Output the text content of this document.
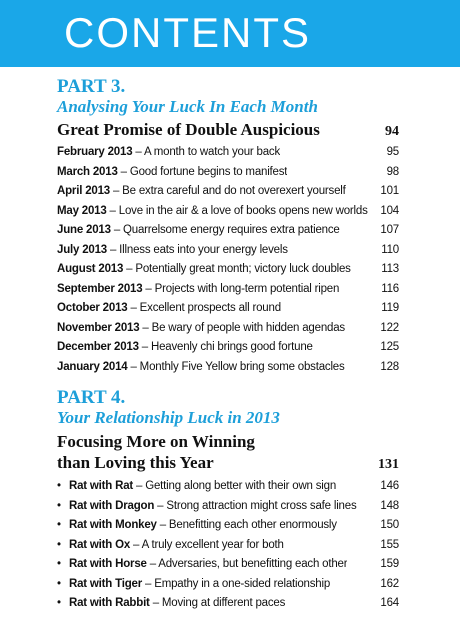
CONTENTS
PART 3.
Analysing Your Luck In Each Month
Great Promise of Double Auspicious	94
February 2013 – A month to watch your back	95
March 2013 – Good fortune begins to manifest	98
April 2013 – Be extra careful and do not overexert yourself	101
May 2013 – Love in the air & a love of books opens new worlds	104
June 2013 – Quarrelsome energy requires extra patience	107
July 2013 – Illness eats into your energy levels	110
August 2013 – Potentially great month; victory luck doubles	113
September 2013 – Projects with long-term potential ripen	116
October 2013 – Excellent prospects all round	119
November 2013 – Be wary of people with hidden agendas	122
December 2013 – Heavenly chi brings good fortune	125
January 2014 – Monthly Five Yellow bring some obstacles	128
PART 4.
Your Relationship Luck in 2013
Focusing More on Winning
than Loving this Year	131
• Rat with Rat – Getting along better with their own sign	146
• Rat with Dragon – Strong attraction might cross safe lines	148
• Rat with Monkey – Benefitting each other enormously	150
• Rat with Ox – A truly excellent year for both	155
• Rat with Horse – Adversaries, but benefitting each other	159
• Rat with Tiger – Empathy in a one-sided relationship	162
• Rat with Rabbit – Moving at different paces	164
